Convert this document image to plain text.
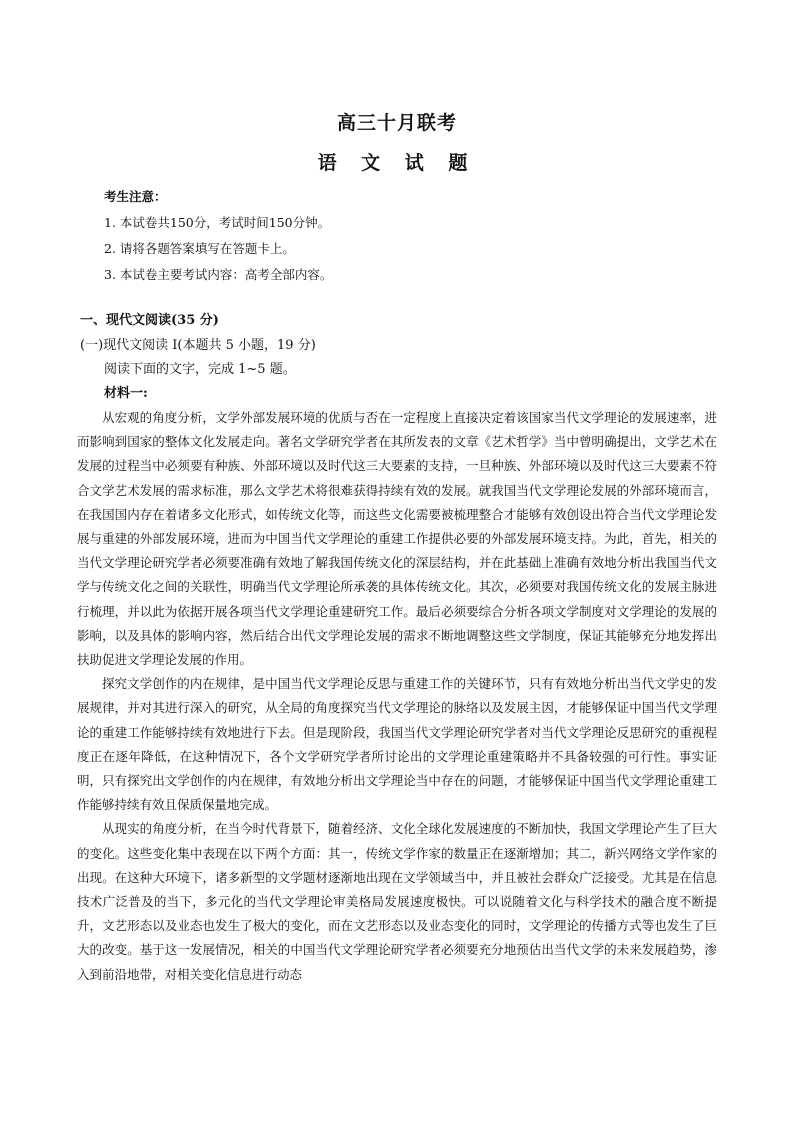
高三十月联考
语 文 试 题
考生注意：
1. 本试卷共150分，考试时间150分钟。
2. 请将各题答案填写在答题卡上。
3. 本试卷主要考试内容：高考全部内容。
一、现代文阅读(35 分)
(一)现代文阅读 I(本题共 5 小题，19 分)
阅读下面的文字，完成 1~5 题。
材料一:

从宏观的角度分析，文学外部发展环境的优质与否在一定程度上直接决定着该国家当代文学理论的发展速率，进而影响到国家的整体文化发展走向。著名文学研究学者在其所发表的文章《艺术哲学》当中曾明确提出，文学艺术在发展的过程当中必须要有种族、外部环境以及时代这三大要素的支持，一旦种族、外部环境以及时代这三大要素不符合文学艺术发展的需求标准，那么文学艺术将很难获得持续有效的发展。就我国当代文学理论发展的外部环境而言，在我国国内存在着诸多文化形式，如传统文化等，而这些文化需要被梳理整合才能够有效创设出符合当代文学理论发展与重建的外部发展环境，进而为中国当代文学理论的重建工作提供必要的外部发展环境支持。为此，首先，相关的当代文学理论研究学者必须要准确有效地了解我国传统文化的深层结构，并在此基础上准确有效地分析出我国当代文学与传统文化之间的关联性，明确当代文学理论所承袭的具体传统文化。其次，必须要对我国传统文化的发展主脉进行梳理，并以此为依据开展各项当代文学理论重建研究工作。最后必须要综合分析各项文学制度对文学理论的发展的影响，以及具体的影响内容，然后结合出代文学理论发展的需求不断地调整这些文学制度，保证其能够充分地发挥出扶助促进文学理论发展的作用。

探究文学创作的内在规律，是中国当代文学理论反思与重建工作的关键环节，只有有效地分析出当代文学史的发展规律，并对其进行深入的研究，从全局的角度探究当代文学理论的脉络以及发展主因，才能够保证中国当代文学理论的重建工作能够持续有效地进行下去。但是现阶段，我国当代文学理论研究学者对当代文学理论反思研究的重视程度正在逐年降低，在这种情况下，各个文学研究学者所讨论出的文学理论重建策略并不具备较强的可行性。事实证明，只有探究出文学创作的内在规律，有效地分析出文学理论当中存在的问题，才能够保证中国当代文学理论重建工作能够持续有效且保质保量地完成。

从现实的角度分析，在当今时代背景下，随着经济、文化全球化发展速度的不断加快，我国文学理论产生了巨大的变化。这些变化集中表现在以下两个方面：其一，传统文学作家的数量正在逐渐增加；其二，新兴网络文学作家的出现。在这种大环境下，诸多新型的文学题材逐渐地出现在文学领域当中，并且被社会群众广泛接受。尤其是在信息技术广泛普及的当下，多元化的当代文学理论审美格局发展速度极快。可以说随着文化与科学技术的融合度不断提升，文艺形态以及业态也发生了极大的变化，而在文艺形态以及业态变化的同时，文学理论的传播方式等也发生了巨大的改变。基于这一发展情况，相关的中国当代文学理论研究学者必须要充分地预估出当代文学的未来发展趋势，渗入到前沿地带，对相关变化信息进行动态
